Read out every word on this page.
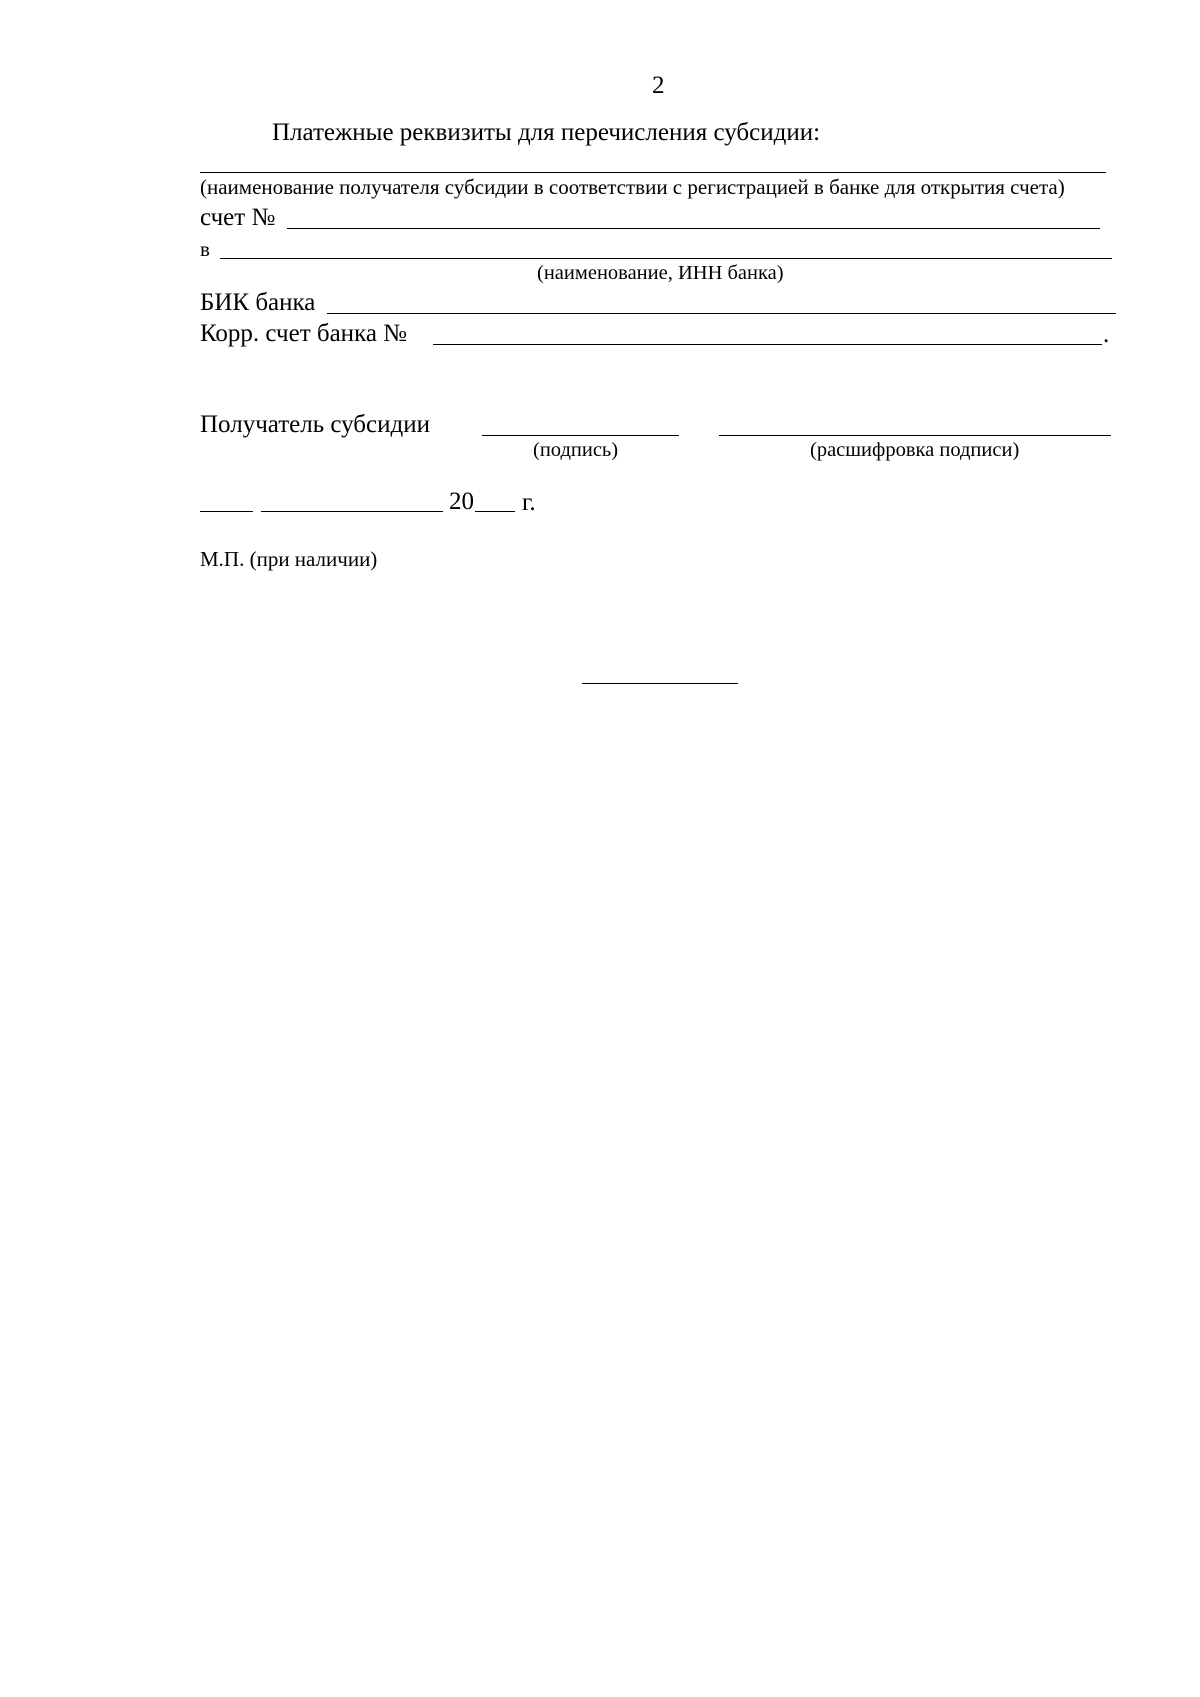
2
Платежные реквизиты для перечисления субсидии:
(наименование получателя субсидии в соответствии с регистрацией в банке для открытия счета)
счет №
в
(наименование, ИНН банка)
БИК банка
Корр. счет банка №	.
Получатель субсидии
(подпись)	(расшифровка подписи)
20 г.
М.П. (при наличии)
